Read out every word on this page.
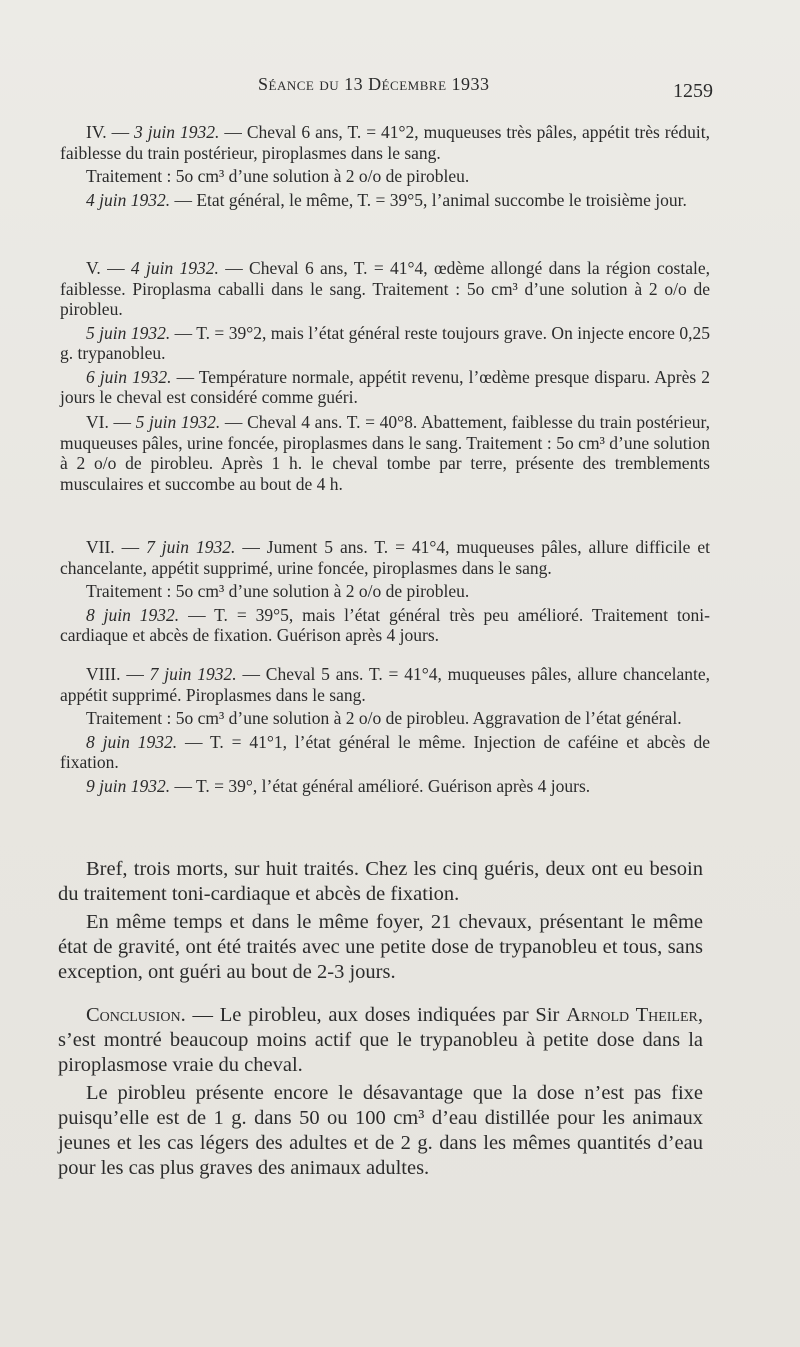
Séance du 13 Décembre 1933	1259

IV. — 3 juin 1932. — Cheval 6 ans, T. = 41°2, muqueuses très pâles, appétit très réduit, faiblesse du train postérieur, piroplasmes dans le sang.

Traitement : 5o cm³ d’une solution à 2 o/o de pirobleu.

4 juin 1932. — Etat général, le même, T. = 39°5, l’animal succombe le troisième jour.

V. — 4 juin 1932. — Cheval 6 ans, T. = 41°4, œdème allongé dans la région costale, faiblesse. Piroplasma caballi dans le sang. Traitement : 5o cm³ d’une solution à 2 o/o de pirobleu.

5 juin 1932. — T. = 39°2, mais l’état général reste toujours grave. On injecte encore 0,25 g. trypanobleu.

6 juin 1932. — Température normale, appétit revenu, l’œdème presque disparu. Après 2 jours le cheval est considéré comme guéri.

VI. — 5 juin 1932. — Cheval 4 ans. T. = 40°8. Abattement, faiblesse du train postérieur, muqueuses pâles, urine foncée, piroplasmes dans le sang. Traitement : 5o cm³ d’une solution à 2 o/o de pirobleu. Après 1 h. le cheval tombe par terre, présente des tremblements musculaires et succombe au bout de 4 h.

VII. — 7 juin 1932. — Jument 5 ans. T. = 41°4, muqueuses pâles, allure difficile et chancelante, appétit supprimé, urine foncée, piroplasmes dans le sang.

Traitement : 5o cm³ d’une solution à 2 o/o de pirobleu.

8 juin 1932. — T. = 39°5, mais l’état général très peu amélioré. Traitement toni-cardiaque et abcès de fixation. Guérison après 4 jours.

VIII. — 7 juin 1932. — Cheval 5 ans. T. = 41°4, muqueuses pâles, allure chancelante, appétit supprimé. Piroplasmes dans le sang.

Traitement : 5o cm³ d’une solution à 2 o/o de pirobleu. Aggravation de l’état général.

8 juin 1932. — T. = 41°1, l’état général le même. Injection de caféine et abcès de fixation.

9 juin 1932. — T. = 39°, l’état général amélioré. Guérison après 4 jours.

Bref, trois morts, sur huit traités. Chez les cinq guéris, deux ont eu besoin du traitement toni-cardiaque et abcès de fixation.

En même temps et dans le même foyer, 21 chevaux, présentant le même état de gravité, ont été traités avec une petite dose de trypanobleu et tous, sans exception, ont guéri au bout de 2-3 jours.

Conclusion. — Le pirobleu, aux doses indiquées par Sir Arnold Theiler, s’est montré beaucoup moins actif que le trypanobleu à petite dose dans la piroplasmose vraie du cheval.

Le pirobleu présente encore le désavantage que la dose n’est pas fixe puisqu’elle est de 1 g. dans 50 ou 100 cm³ d’eau distillée pour les animaux jeunes et les cas légers des adultes et de 2 g. dans les mêmes quantités d’eau pour les cas plus graves des animaux adultes.
